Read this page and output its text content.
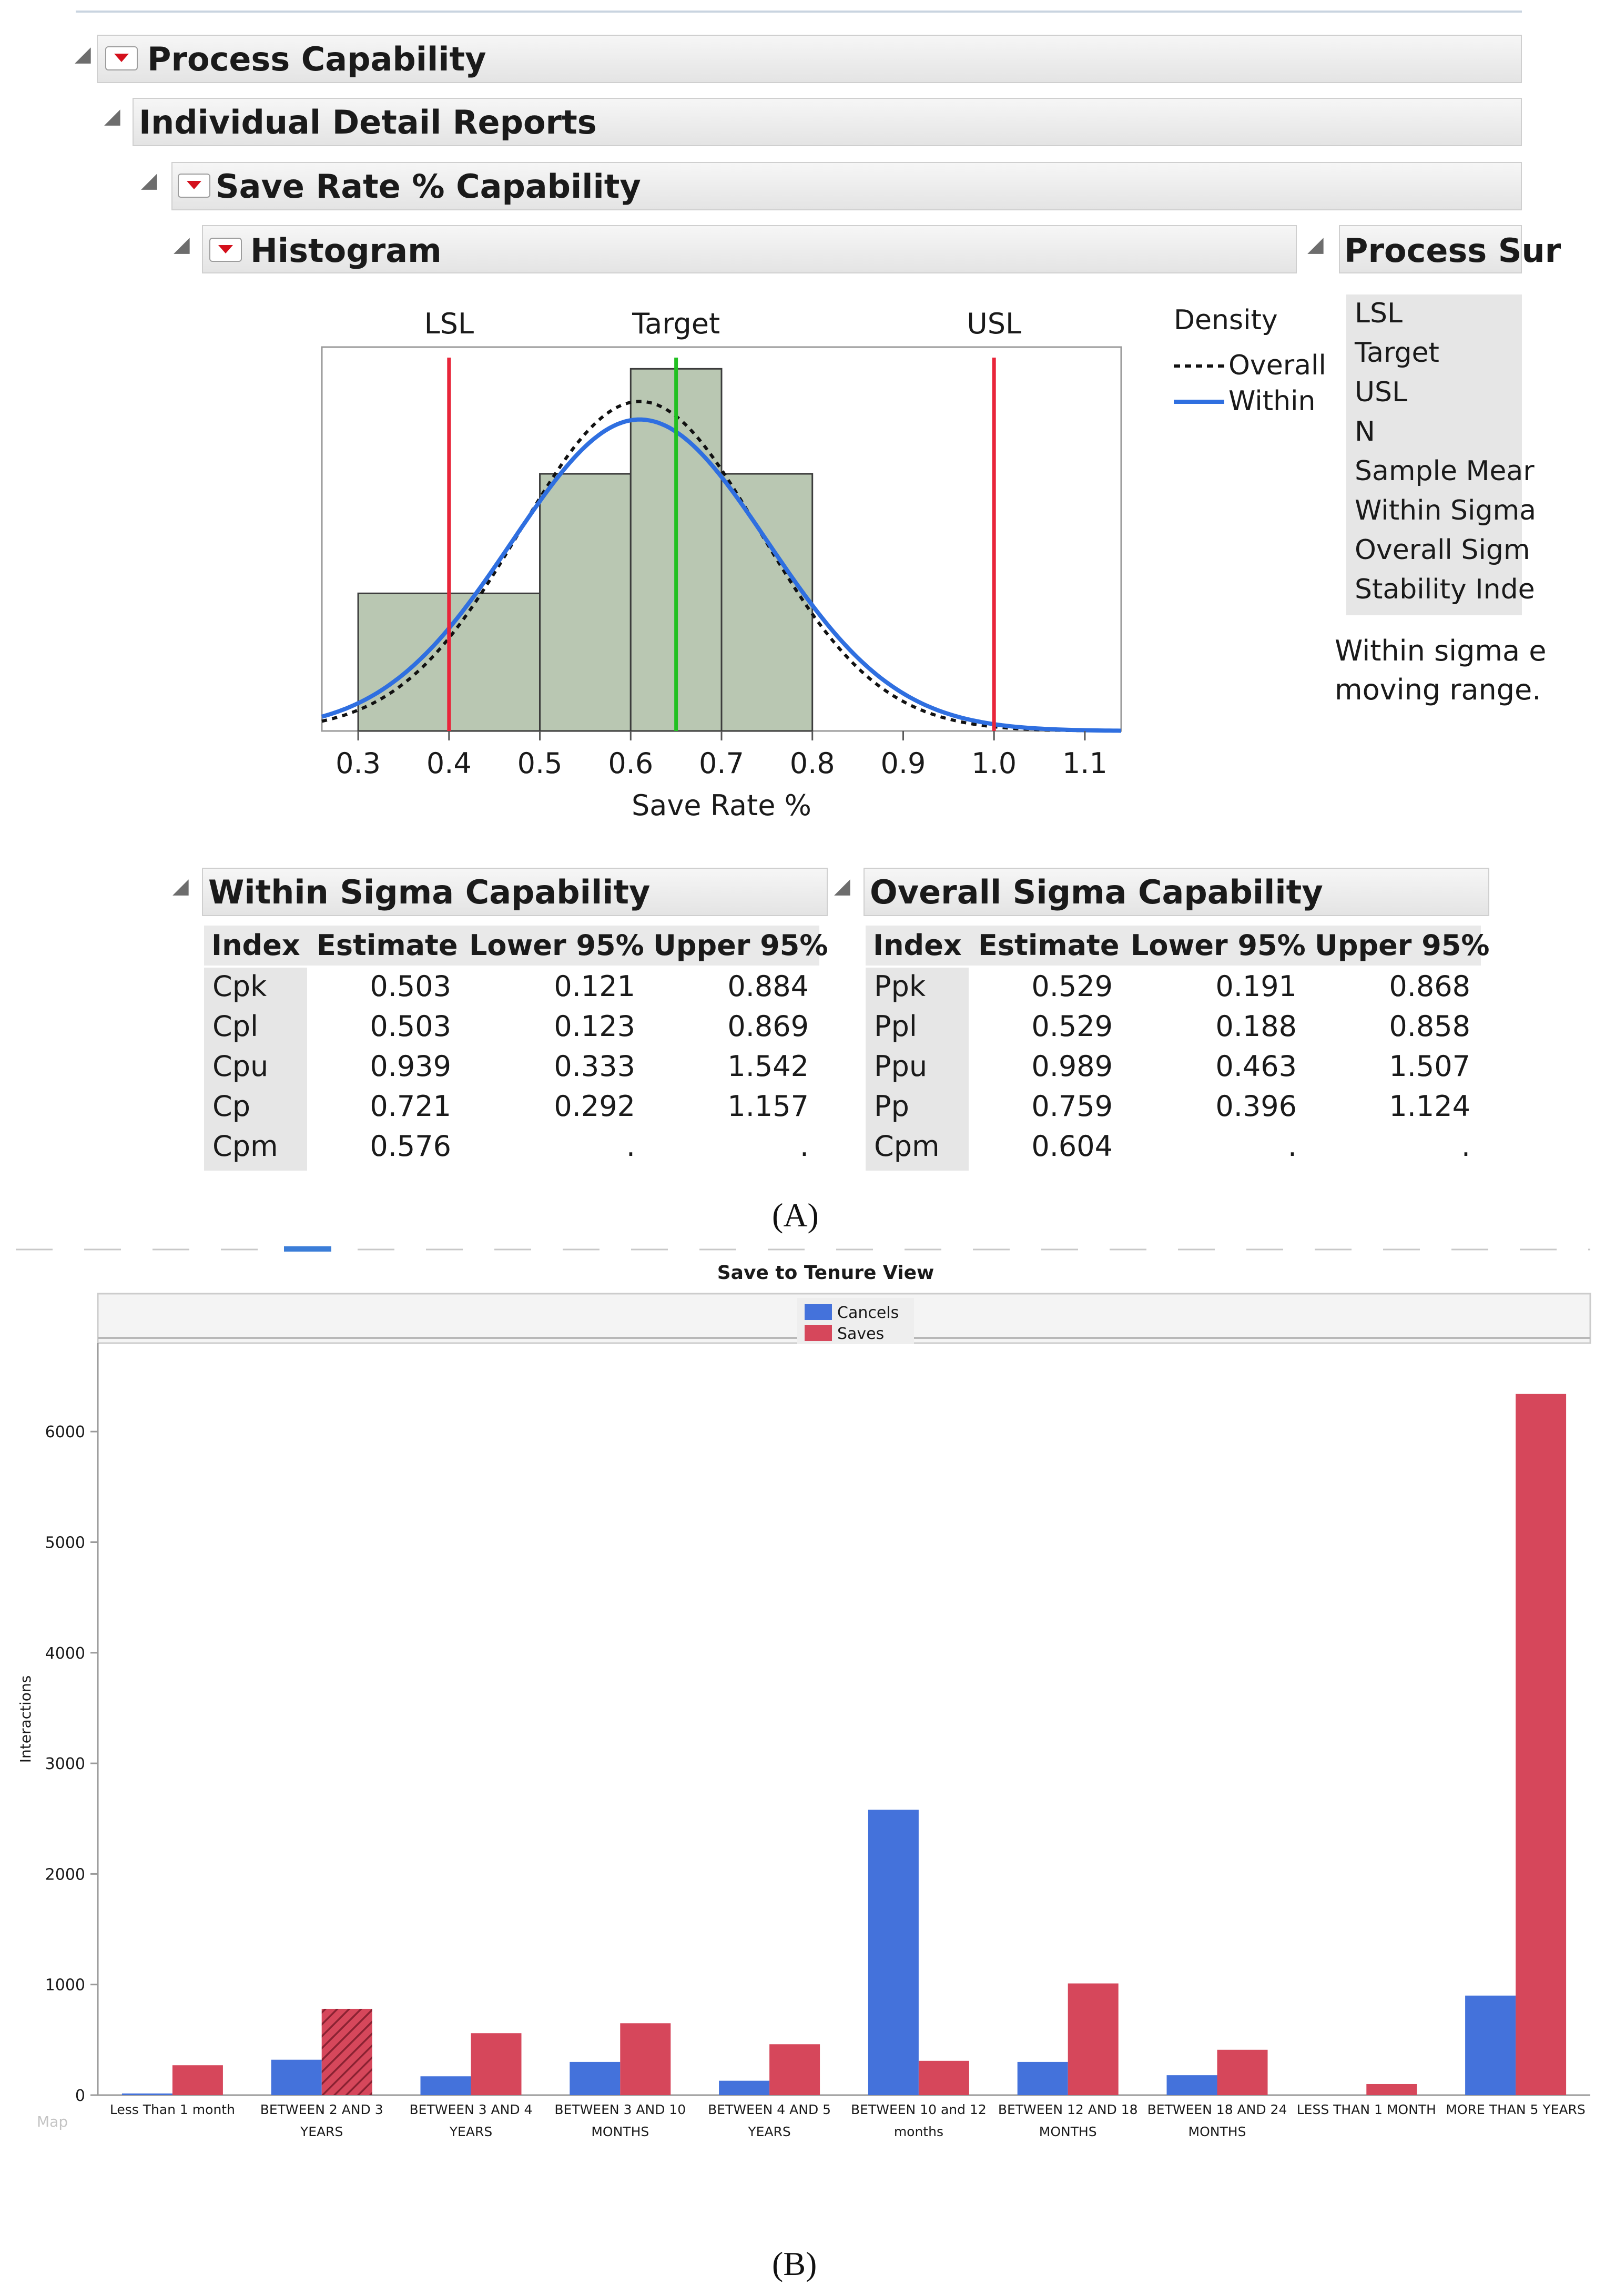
◢ Process Capability
◢ Individual Detail Reports
◢ Save Rate % Capability
◢ Histogram	◢ Process Sur
LSL	Target	USL
0.3 0.4 0.5 0.6 0.7 0.8 0.9 1.0 1.1
Save Rate %
Density
Overall
Within
Within sigma e
moving range.
◢ Within Sigma Capability	◢ Overall Sigma Capability
LSL
Target
USL
N
Sample Mear
Within Sigma
Overall Sigm
Stability Inde
Index Estimate Lower 95% Upper 95%
Cpk	0.503	0.121	0.884
Cpl	0.503	0.123	0.869
Cpu	0.939	0.333	1.542
Cp	0.721	0.292	1.157
Cpm	0.576	.	.
Index Estimate Lower 95% Upper 95%
Ppk	0.529	0.191	0.868
Ppl	0.529	0.188	0.858
Ppu	0.989	0.463	1.507
Pp	0.759	0.396	1.124
Cpm	0.604	.	.
(A)
Save to Tenure View
Cancels
Saves
0
1000
2000
3000
4000
5000
6000
Interactions
Less Than 1 month BETWEEN 2 AND 3
YEARS
BETWEEN 3 AND 4
YEARS
BETWEEN 3 AND 10
MONTHS
BETWEEN 4 AND 5
YEARS
BETWEEN 10 and 12
months
BETWEEN 12 AND 18
MONTHS
BETWEEN 18 AND 24
MONTHS
LESS THAN 1 MONTH MORE THAN 5 YEARS
Map
(B)
